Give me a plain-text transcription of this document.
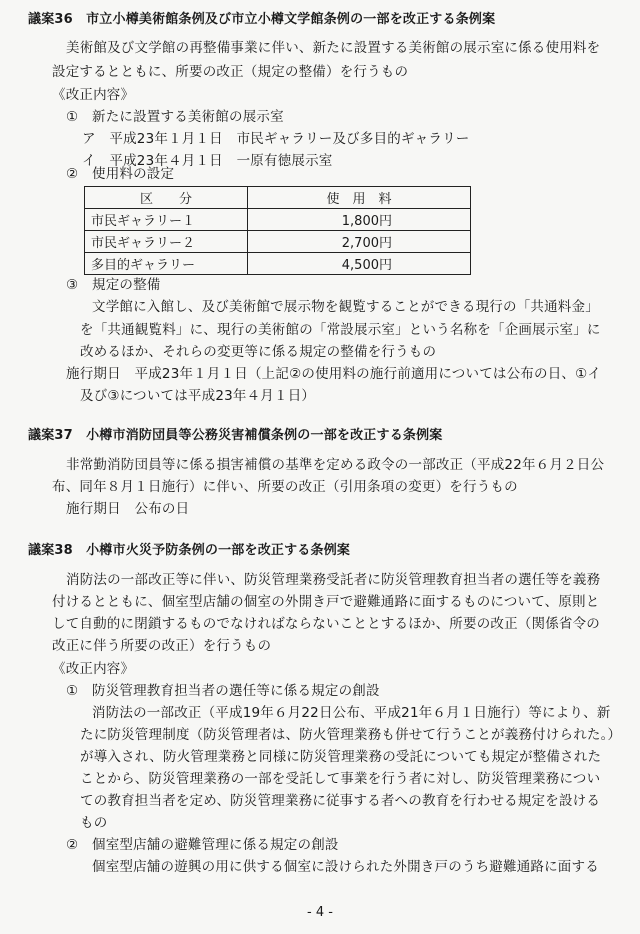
議案36　市立小樽美術館条例及び市立小樽文学館条例の一部を改正する条例案
美術館及び文学館の再整備事業に伴い、新たに設置する美術館の展示室に係る使用料を
設定するとともに、所要の改正（規定の整備）を行うもの
《改正内容》
①　新たに設置する美術館の展示室
ア　平成23年１月１日　市民ギャラリー及び多目的ギャラリー
イ　平成23年４月１日　一原有徳展示室
②　使用料の設定
区　　分	使　用　料
市民ギャラリー１	1,800円
市民ギャラリー２	2,700円
多目的ギャラリー	4,500円
③　規定の整備
文学館に入館し、及び美術館で展示物を観覧することができる現行の「共通料金」
を「共通観覧料」に、現行の美術館の「常設展示室」という名称を「企画展示室」に
改めるほか、それらの変更等に係る規定の整備を行うもの
施行期日　平成23年１月１日（上記②の使用料の施行前適用については公布の日、①イ
及び③については平成23年４月１日）
議案37　小樽市消防団員等公務災害補償条例の一部を改正する条例案
非常勤消防団員等に係る損害補償の基準を定める政令の一部改正（平成22年６月２日公
布、同年８月１日施行）に伴い、所要の改正（引用条項の変更）を行うもの
施行期日　公布の日
議案38　小樽市火災予防条例の一部を改正する条例案
消防法の一部改正等に伴い、防災管理業務受託者に防災管理教育担当者の選任等を義務
付けるとともに、個室型店舗の個室の外開き戸で避難通路に面するものについて、原則と
して自動的に閉鎖するものでなければならないこととするほか、所要の改正（関係省令の
改正に伴う所要の改正）を行うもの
《改正内容》
①　防災管理教育担当者の選任等に係る規定の創設
消防法の一部改正（平成19年６月22日公布、平成21年６月１日施行）等により、新
たに防災管理制度（防災管理者は、防火管理業務も併せて行うことが義務付けられた。）
が導入され、防火管理業務と同様に防災管理業務の受託についても規定が整備された
ことから、防災管理業務の一部を受託して事業を行う者に対し、防災管理業務につい
ての教育担当者を定め、防災管理業務に従事する者への教育を行わせる規定を設ける
もの
②　個室型店舗の避難管理に係る規定の創設
個室型店舗の遊興の用に供する個室に設けられた外開き戸のうち避難通路に面する
- 4 -
